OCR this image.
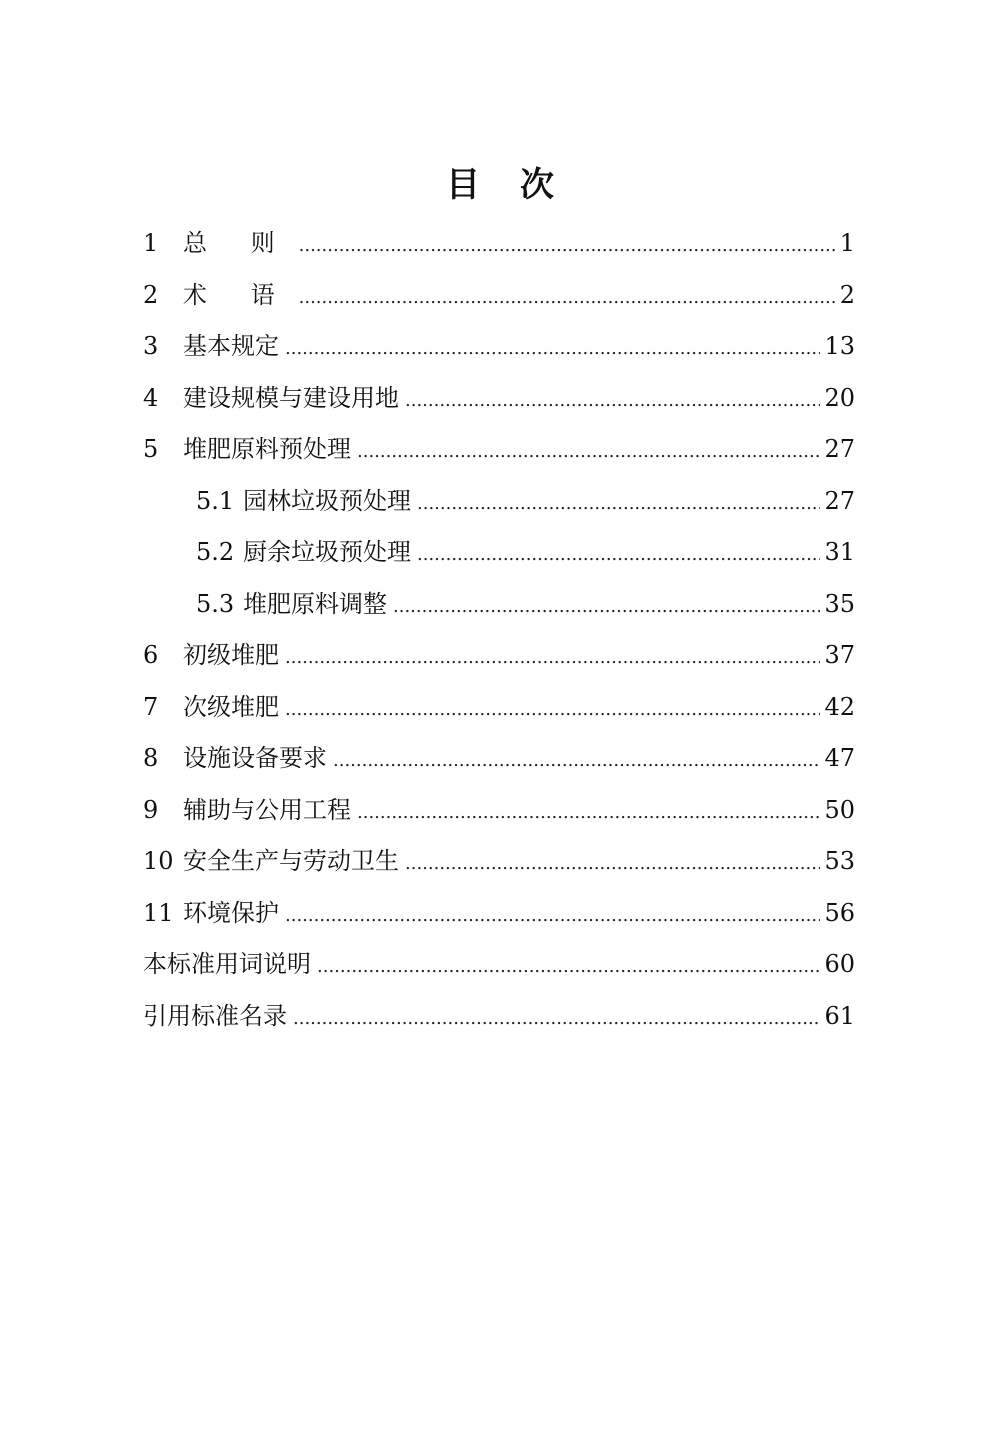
目 次
1	总 则 .....	1
2	术 语 .....	2
3	基本规定 .....	13
4	建设规模与建设用地 .....	20
5	堆肥原料预处理 .....	27
5.1 园林垃圾预处理 .....	27
5.2 厨余垃圾预处理 .....	31
5.3 堆肥原料调整 .....	35
6	初级堆肥 .....	37
7	次级堆肥 .....	42
8	设施设备要求 .....	47
9	辅助与公用工程 .....	50
10 安全生产与劳动卫生 .....	53
11 环境保护 .....	56
本标准用词说明 .....	60
引用标准名录 .....	61
